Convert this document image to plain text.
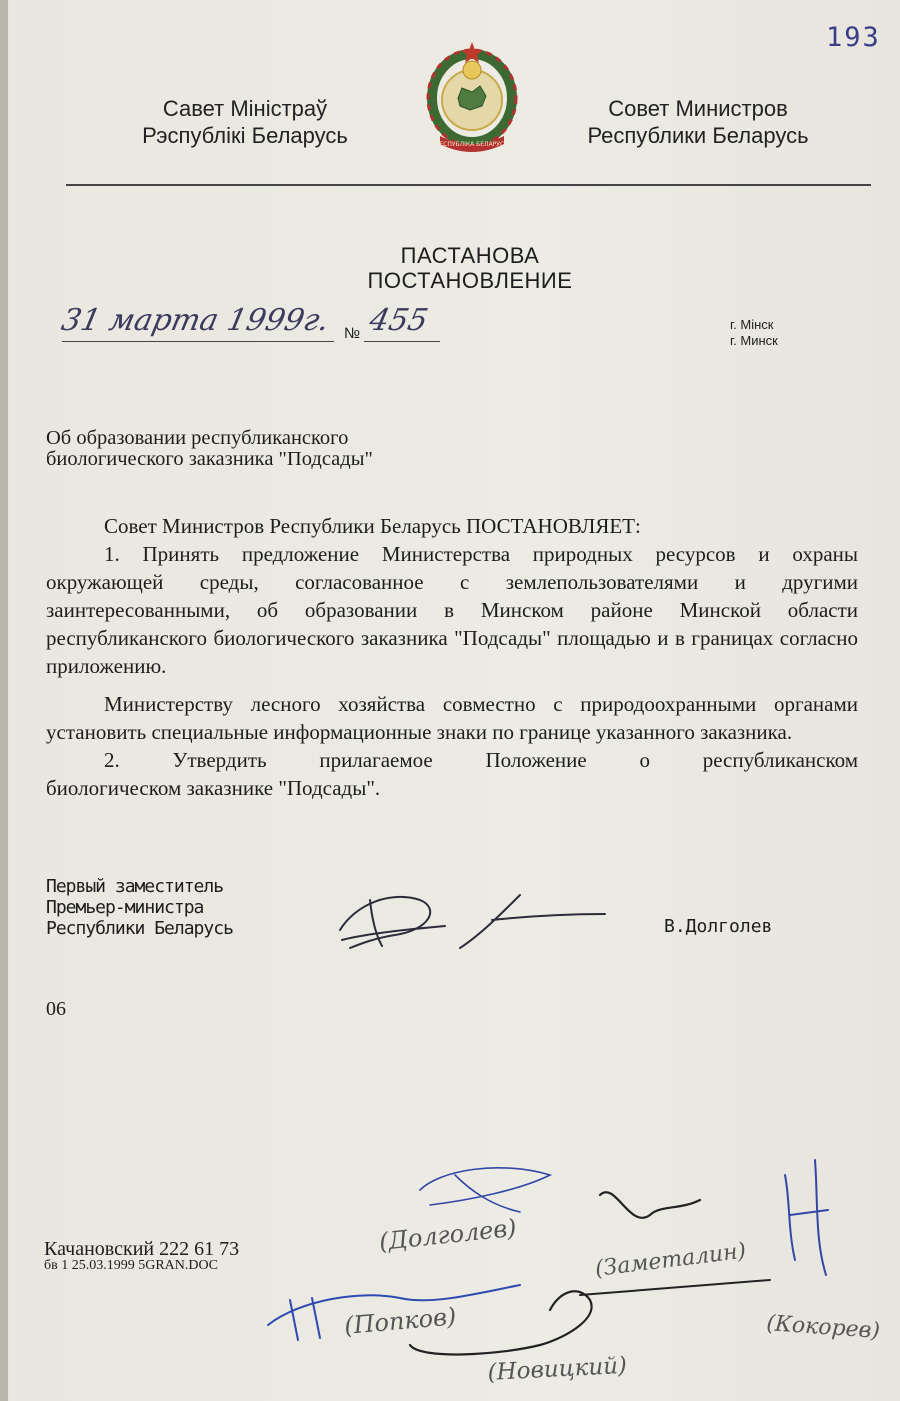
193
Савет Міністраў
Рэспублікі Беларусь	РЕСПУБЛІКА БЕЛАРУСЬ
Совет Министров
Республики Беларусь
ПАСТАНОВА
ПОСТАНОВЛЕНИЕ
31 марта 1999г. № 455	г. Мінск
г. Минск
Об образовании республиканского
биологического заказника "Подсады"

Совет Министров Республики Беларусь ПОСТАНОВЛЯЕТ:

1. Принять предложение Министерства природных ресурсов и охраны окружающей среды, согласованное с землепользователями и другими заинтересованными, об образовании в Минском районе Минской области республиканского биологического заказника "Подсады" площадью и в границах согласно приложению.

Министерству лесного хозяйства совместно с природоохранными органами установить специальные информационные знаки по границе указанного заказника.

2. Утвердить прилагаемое Положение о республиканском

биологическом заказнике "Подсады".

Первый заместитель
Премьер-министра
Республики Беларусь	В.Долголев
06
Качановский 222 61 73
бв 1 25.03.1999 5GRAN.DOC
(Долголев)
(Заметалин)
(Попков)
(Новицкий)
(Кокорев)
